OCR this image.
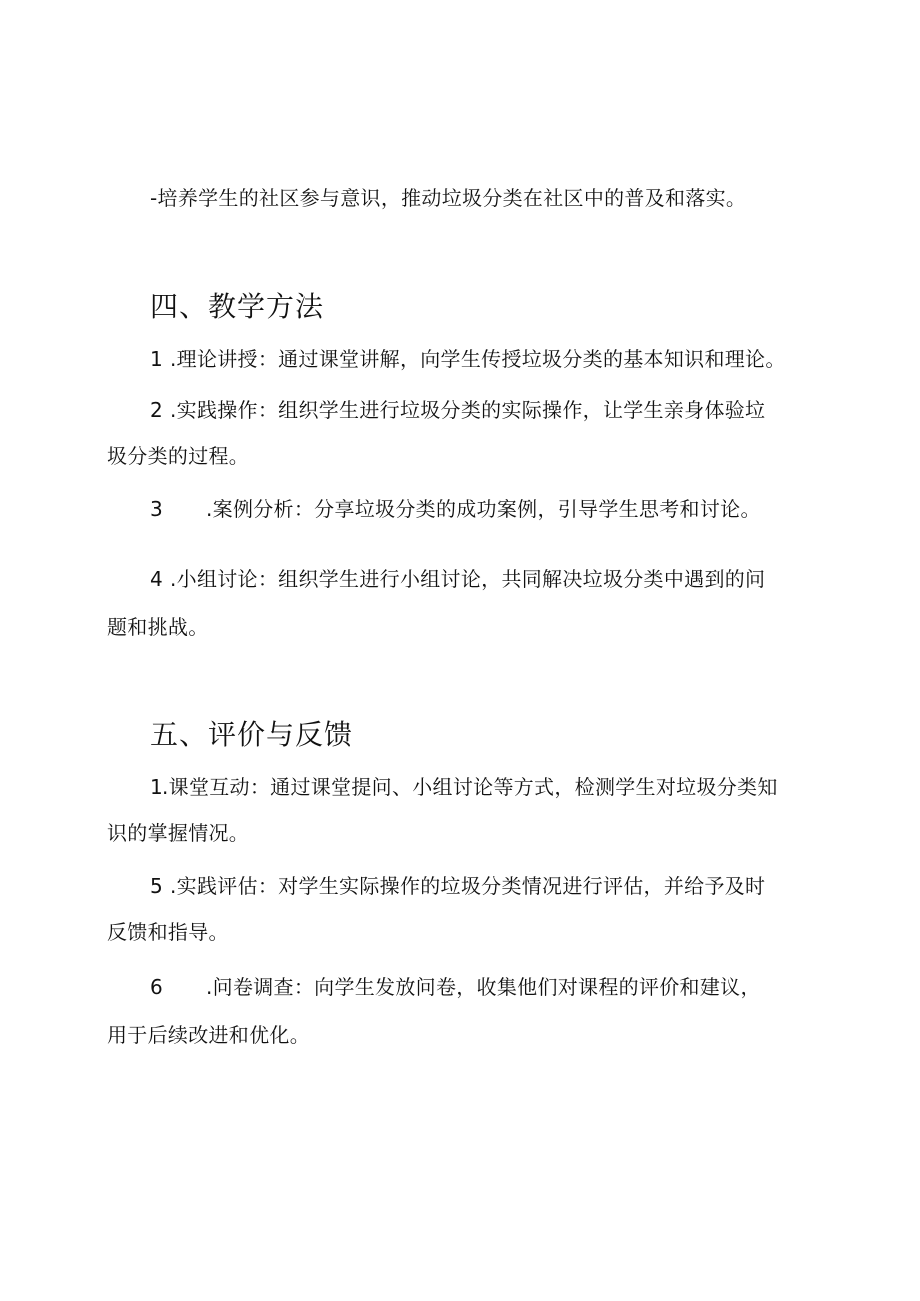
-培养学生的社区参与意识，推动垃圾分类在社区中的普及和落实。
四、教学方法
1 .理论讲授：通过课堂讲解，向学生传授垃圾分类的基本知识和理论。
2 .实践操作：组织学生进行垃圾分类的实际操作，让学生亲身体验垃
圾分类的过程。
3 .案例分析：分享垃圾分类的成功案例，引导学生思考和讨论。
4 .小组讨论：组织学生进行小组讨论，共同解决垃圾分类中遇到的问
题和挑战。
五、评价与反馈
1.课堂互动：通过课堂提问、小组讨论等方式，检测学生对垃圾分类知
识的掌握情况。
5 .实践评估：对学生实际操作的垃圾分类情况进行评估，并给予及时
反馈和指导。
6 .问卷调查：向学生发放问卷，收集他们对课程的评价和建议，
用于后续改进和优化。
